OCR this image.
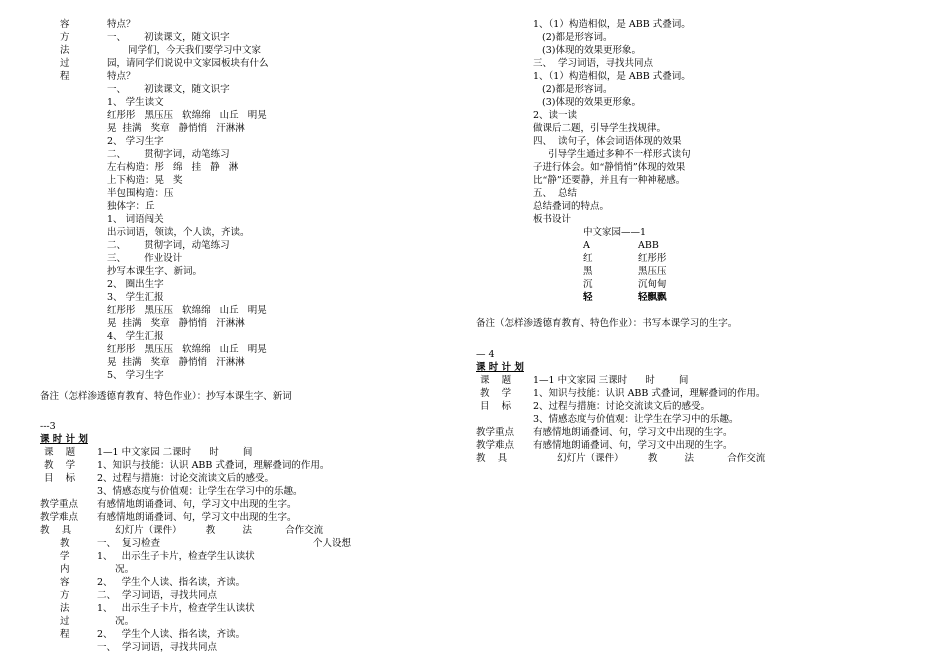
容
方
法
过
程
特点？
一、      初读课文，随文识字
同学们，今天我们要学习中文家
园，请同学们说说中文家园板块有什么
特点？
一、      初读课文，随文识字
1、 学生读文
红彤彤   黑压压   软绵绵   山丘   明晃
晃  挂满   奖章   静悄悄   汗淋淋
2、 学习生字
二、      贯彻字词，动笔练习
左右构造：彤   绵   挂   静   淋
上下构造：晃   奖
半包围构造：压
独体字：丘
1、 词语闯关
出示词语，领读，个人读，齐读。
二、      贯彻字词，动笔练习
三、      作业设计
抄写本课生字、新词。
2、 圈出生字
3、 学生汇报
红彤彤   黑压压   软绵绵   山丘   明晃
晃  挂满   奖章   静悄悄   汗淋淋
4、 学生汇报
红彤彤   黑压压   软绵绵   山丘   明晃
晃  挂满   奖章   静悄悄   汗淋淋
5、 学习生字
备注（怎样渗透德育教育、特色作业）：抄写本课生字、新词
---3
课 时 计 划
课    题 1—1 中文家园 二课时      时        间
教    学 1、知识与技能：认识 ABB 式叠词，理解叠词的作用。
目    标 2、过程与措施：讨论交流读文后的感受。
3、情感态度与价值观：让学生在学习中的乐趣。
教学重点 有感情地朗诵叠词、句，学习文中出现的生字。
教学难点 有感情地朗诵叠词、句，学习文中出现的生字。
教    具	幻灯片（课件）        教         法           合作交流
个人设想
教
学
内
容
方
法
过
程
一、  复习检查
1、   出示生子卡片，检查学生认读状
况。
2、   学生个人读、指名读，齐读。
二、  学习词语，寻找共同点
1、   出示生子卡片，检查学生认读状
况。
2、   学生个人读、指名读，齐读。
一、  学习词语，寻找共同点
1、（1）构造相似，是 ABB 式叠词。
(2)都是形容词。
(3)体现的效果更形象。
三、  学习词语，寻找共同点
1、（1）构造相似，是 ABB 式叠词。
(2)都是形容词。
(3)体现的效果更形象。
2、读一读
做课后二题，引导学生找规律。
四、  读句子，体会词语体现的效果
引导学生通过多种不一样形式读句
子进行体会。如“静悄悄”体现的效果
比“静”还要静，并且有一种神秘感。
五、  总结
总结叠词的特点。
板书设计
中文家园——1
A	ABB
红	红彤彤
黑	黑压压
沉	沉甸甸
轻	轻飘飘
备注（怎样渗透德育教育、特色作业）：书写本课学习的生字。
— 4
课 时 计 划
课    题 1—1 中文家园 三课时      时        间
教    学 1、知识与技能：认识 ABB 式叠词，理解叠词的作用。
目    标 2、过程与措施：讨论交流读文后的感受。
3、情感态度与价值观：让学生在学习中的乐趣。
教学重点 有感情地朗诵叠词、句，学习文中出现的生字。
教学难点 有感情地朗诵叠词、句，学习文中出现的生字。
教    具	幻灯片（课件）        教         法           合作交流
